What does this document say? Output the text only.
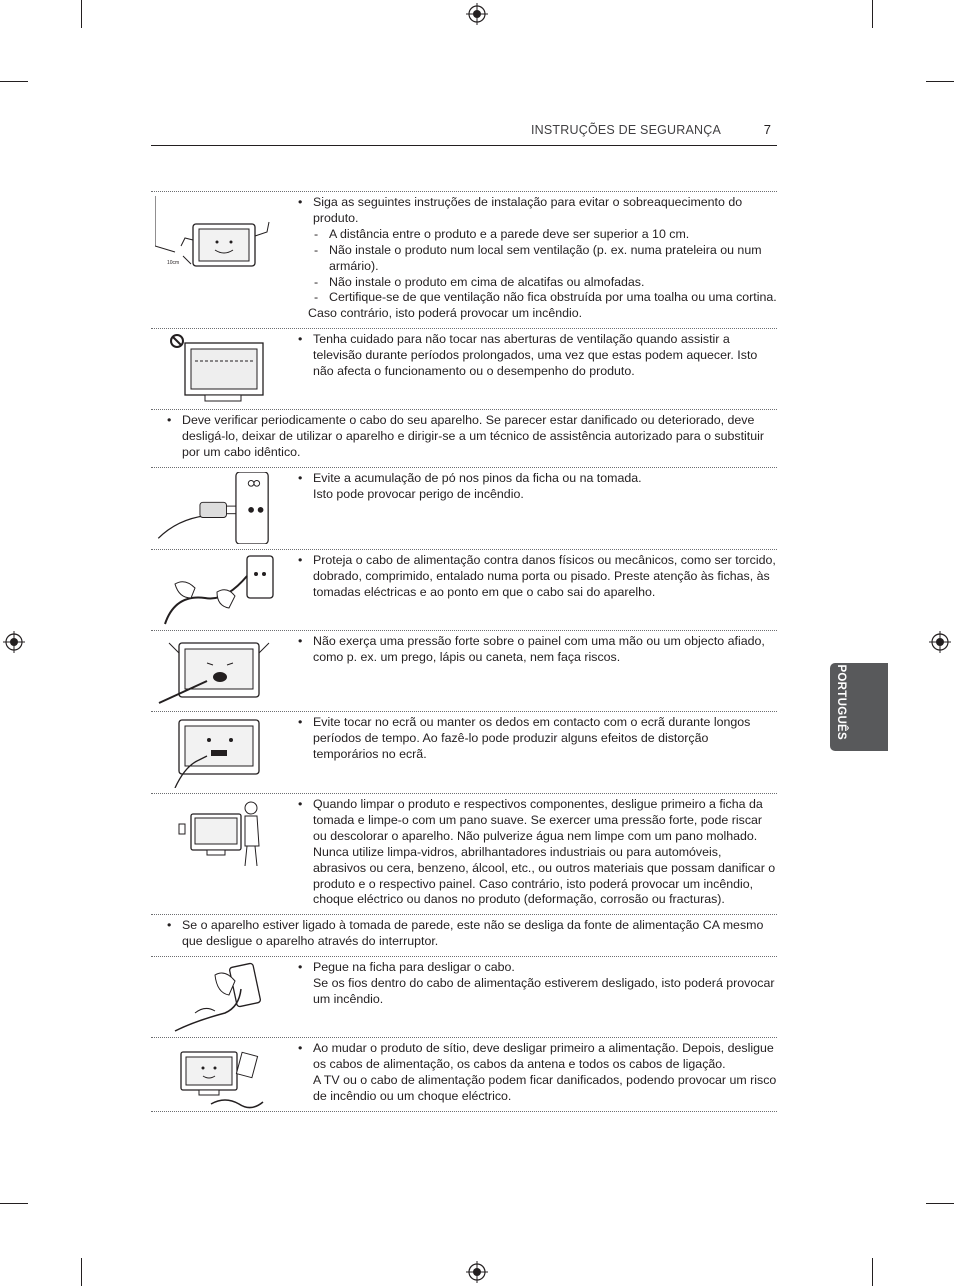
INSTRUÇÕES DE SEGURANÇA	7
PORTUGUÊS
10cm
• Siga as seguintes instruções de instalação para evitar o sobreaquecimento do produto.
- A distância entre o produto e a parede deve ser superior a 10 cm.
- Não instale o produto num local sem ventilação (p. ex. numa prateleira ou num armário).
- Não instale o produto em cima de alcatifas ou almofadas.
- Certifique-se de que ventilação não fica obstruída por uma toalha ou uma cortina.
Caso contrário, isto poderá provocar um incêndio.
• Tenha cuidado para não tocar nas aberturas de ventilação quando assistir a televisão durante períodos prolongados, uma vez que estas podem aquecer. Isto não afecta o funcionamento ou o desempenho do produto.
• Deve verificar periodicamente o cabo do seu aparelho. Se parecer estar danificado ou deteriorado, deve desligá-lo, deixar de utilizar o aparelho e dirigir-se a um técnico de assistência autorizado para o substituir por um cabo idêntico.
• Evite a acumulação de pó nos pinos da ficha ou na tomada.
Isto pode provocar perigo de incêndio.
• Proteja o cabo de alimentação contra danos físicos ou mecânicos, como ser torcido, dobrado, comprimido, entalado numa porta ou pisado. Preste atenção às fichas, às tomadas eléctricas e ao ponto em que o cabo sai do aparelho.
• Não exerça uma pressão forte sobre o painel com uma mão ou um objecto afiado, como p. ex. um prego, lápis ou caneta, nem faça riscos.
• Evite tocar no ecrã ou manter os dedos em contacto com o ecrã durante longos períodos de tempo. Ao fazê-lo pode produzir alguns efeitos de distorção temporários no ecrã.
• Quando limpar o produto e respectivos componentes, desligue primeiro a ficha da tomada e limpe-o com um pano suave. Se exercer uma pressão forte, pode riscar ou descolorar o aparelho. Não pulverize água nem limpe com um pano molhado. Nunca utilize limpa-vidros, abrilhantadores industriais ou para automóveis, abrasivos ou cera, benzeno, álcool, etc., ou outros materiais que possam danificar o produto e o respectivo painel. Caso contrário, isto poderá provocar um incêndio, choque eléctrico ou danos no produto (deformação, corrosão ou fracturas).
• Se o aparelho estiver ligado à tomada de parede, este não se desliga da fonte de alimentação CA mesmo que desligue o aparelho através do interruptor.
• Pegue na ficha para desligar o cabo.
Se os fios dentro do cabo de alimentação estiverem desligado, isto poderá provocar um incêndio.
• Ao mudar o produto de sítio, deve desligar primeiro a alimentação. Depois, desligue os cabos de alimentação, os cabos da antena e todos os cabos de ligação.
A TV ou o cabo de alimentação podem ficar danificados, podendo provocar um risco de incêndio ou um choque eléctrico.
